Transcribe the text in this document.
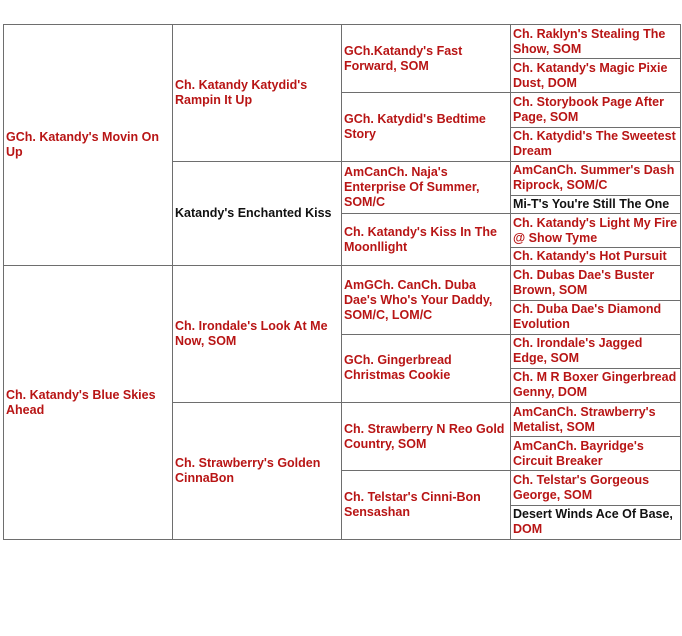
GCh. Katandy's Movin On Up	Ch. Katandy Katydid's Rampin It Up	GCh.Katandy's Fast Forward, SOM	Ch. Raklyn's Stealing The Show, SOM
			Ch. Katandy's Magic Pixie Dust, DOM
		GCh. Katydid's Bedtime Story	Ch. Storybook Page After Page, SOM
			Ch. Katydid's The Sweetest Dream
	Katandy's Enchanted Kiss	AmCanCh. Naja's Enterprise Of Summer, SOM/C	AmCanCh. Summer's Dash Riprock, SOM/C
			Mi-T's You're Still The One
		Ch. Katandy's Kiss In The Moonllight	Ch. Katandy's Light My Fire @ Show Tyme
			Ch. Katandy's Hot Pursuit
Ch. Katandy's Blue Skies Ahead	Ch. Irondale's Look At Me Now, SOM	AmGCh. CanCh. Duba Dae's Who's Your Daddy, SOM/C, LOM/C	Ch. Dubas Dae's Buster Brown, SOM
			Ch. Duba Dae's Diamond Evolution
		GCh. Gingerbread Christmas Cookie	Ch. Irondale's Jagged Edge, SOM
			Ch. M R Boxer Gingerbread Genny, DOM
	Ch. Strawberry's Golden CinnaBon	Ch. Strawberry N Reo Gold Country, SOM	AmCanCh. Strawberry's Metalist, SOM
			AmCanCh. Bayridge's Circuit Breaker
		Ch. Telstar's Cinni-Bon Sensashan	Ch. Telstar's Gorgeous George, SOM
			Desert Winds Ace Of Base, DOM
